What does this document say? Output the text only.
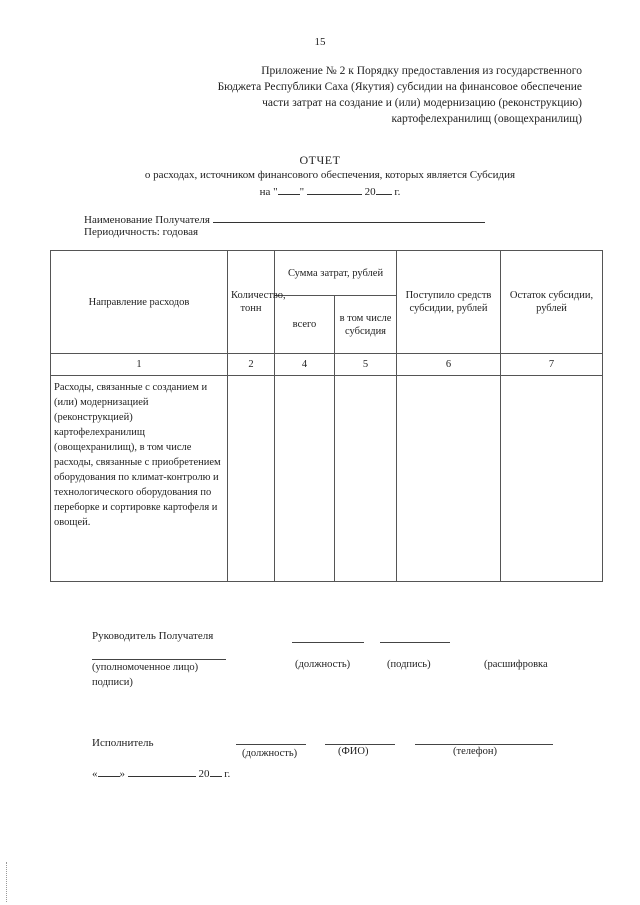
15
Приложение № 2 к Порядку предоставления из государственного
Бюджета Республики Саха (Якутия) субсидии на финансовое обеспечение
части затрат на создание и (или) модернизацию (реконструкцию)
картофелехранилищ (овощехранилищ)
ОТЧЕТ
о расходах, источником финансового обеспечения, которых является Субсидия
на " "	20 г.
Наименование Получателя
Периодичность: годовая
Направление расходов	Количество, тонн	Сумма затрат, рублей		Поступило средств субсидии, рублей	Остаток субсидии, рублей
		всего	в том числе субсидия		
1	2	4	5	6	7
Расходы, связанные с созданием и (или) модернизацией (реконструкцией) картофелехранилищ (овощехранилищ), в том числе расходы, связанные с приобретением оборудования по климат-контролю и технологического оборудования по переборке и сортировке картофеля и овощей.					
Руководитель Получателя
(уполномоченное лицо)	(должность)	(подпись)	(расшифровка
подписи)
Исполнитель
(должность)	(ФИО)	(телефон)
« »	20 г.
